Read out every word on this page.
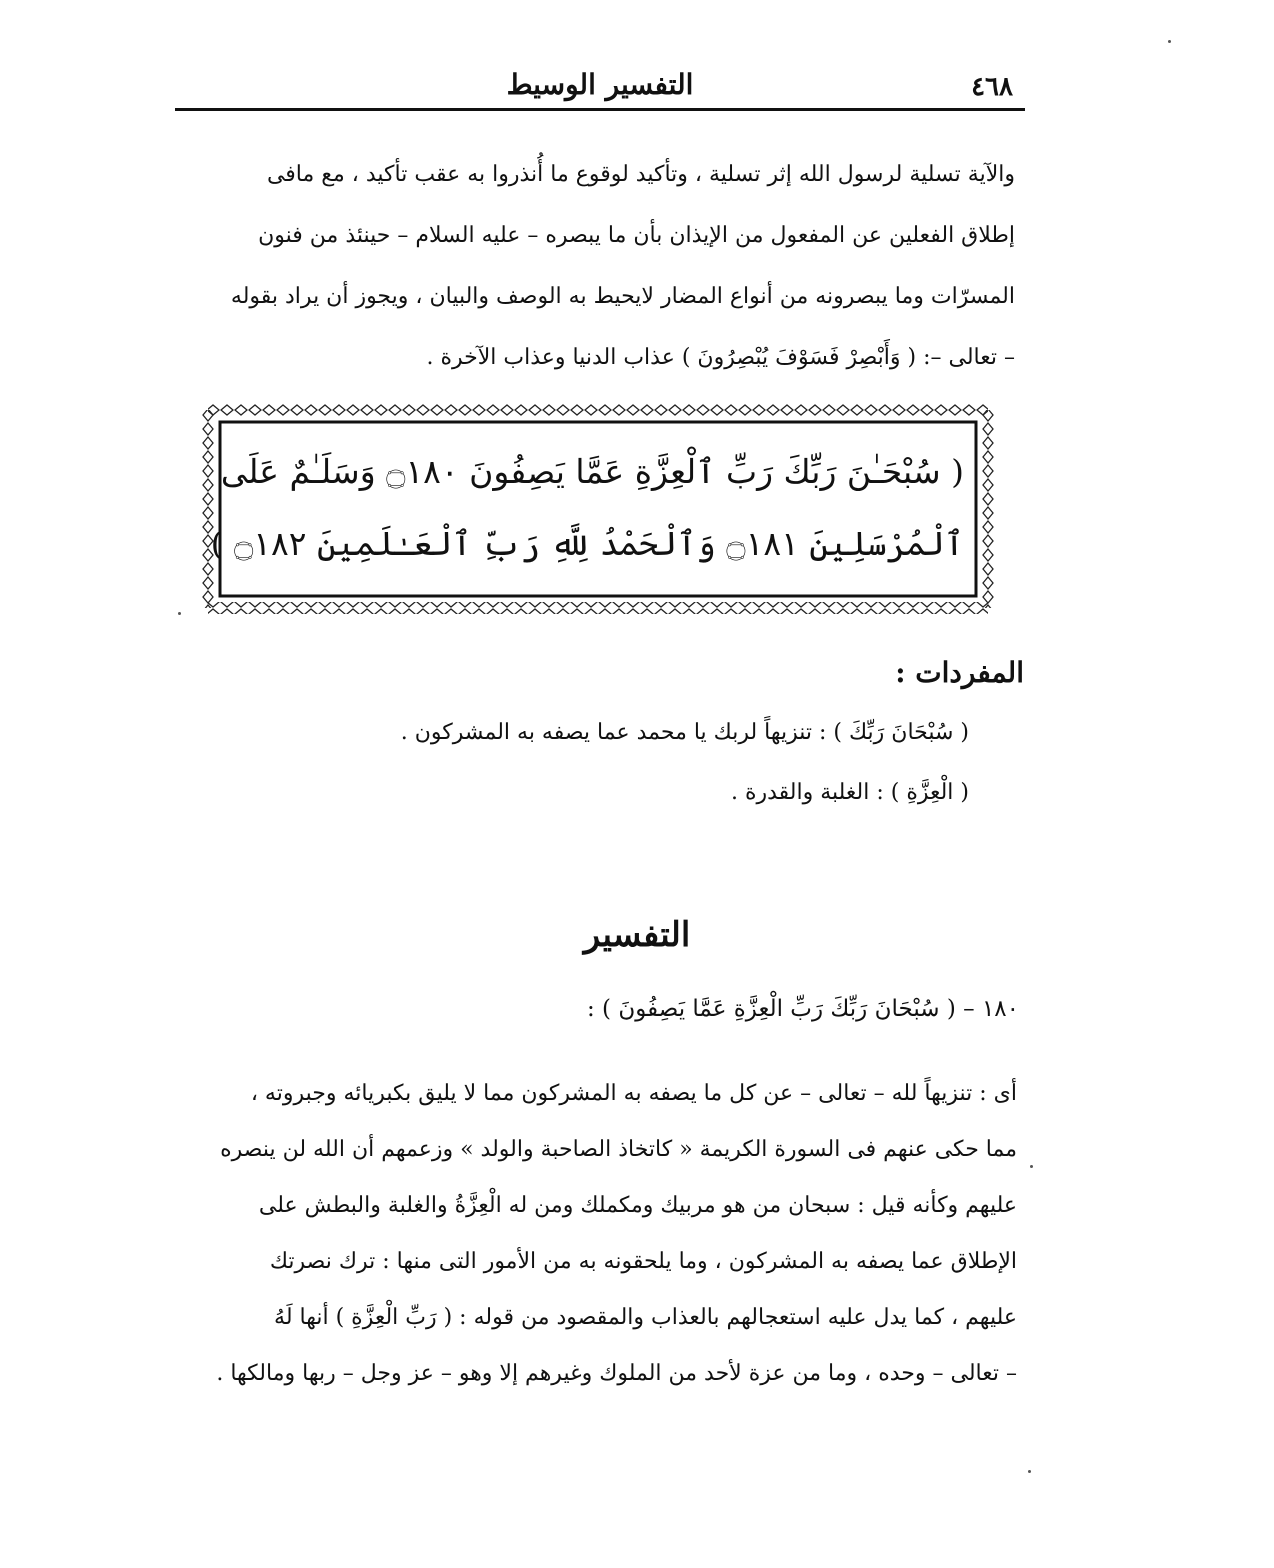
٤٦٨
التفسير الوسيط
والآية تسلية لرسول الله إثر تسلية ، وتأكيد لوقوع ما أُنذروا به عقب تأكيد ، مع مافى
إطلاق الفعلين عن المفعول من الإيذان بأن ما يبصره – عليه السلام – حينئذ من فنون
المسرّات وما يبصرونه من أنواع المضار لايحيط به الوصف والبيان ، ويجوز أن يراد بقوله
– تعالى –: ( وَأَبْصِرْ فَسَوْفَ يُبْصِرُونَ ) عذاب الدنيا وعذاب الآخرة .
( سُبْحَـٰنَ رَبِّكَ رَبِّ ٱلْعِزَّةِ عَمَّا يَصِفُونَ ۝١٨٠ وَسَلَـٰمٌ عَلَى
ٱلْمُرْسَلِينَ ۝١٨١ وَٱلْحَمْدُ لِلَّهِ رَبِّ ٱلْعَـٰلَمِينَ ۝١٨٢ )
المفردات :
( سُبْحَانَ رَبِّكَ ) : تنزيهاً لربك يا محمد عما يصفه به المشركون .
( الْعِزَّةِ ) : الغلبة والقدرة .
التفسير
١٨٠ – ( سُبْحَانَ رَبِّكَ رَبِّ الْعِزَّةِ عَمَّا يَصِفُونَ ) :
أى : تنزيهاً لله – تعالى – عن كل ما يصفه به المشركون مما لا يليق بكبريائه وجبروته ،
مما حكى عنهم فى السورة الكريمة « كاتخاذ الصاحبة والولد » وزعمهم أن الله لن ينصره
عليهم وكأنه قيل : سبحان من هو مربيك ومكملك ومن له الْعِزَّةُ والغلبة والبطش على
الإطلاق عما يصفه به المشركون ، وما يلحقونه به من الأمور التى منها : ترك نصرتك
عليهم ، كما يدل عليه استعجالهم بالعذاب والمقصود من قوله : ( رَبِّ الْعِزَّةِ ) أنها لَهُ
– تعالى – وحده ، وما من عزة لأحد من الملوك وغيرهم إلا وهو – عز وجل – ربها ومالكها .
